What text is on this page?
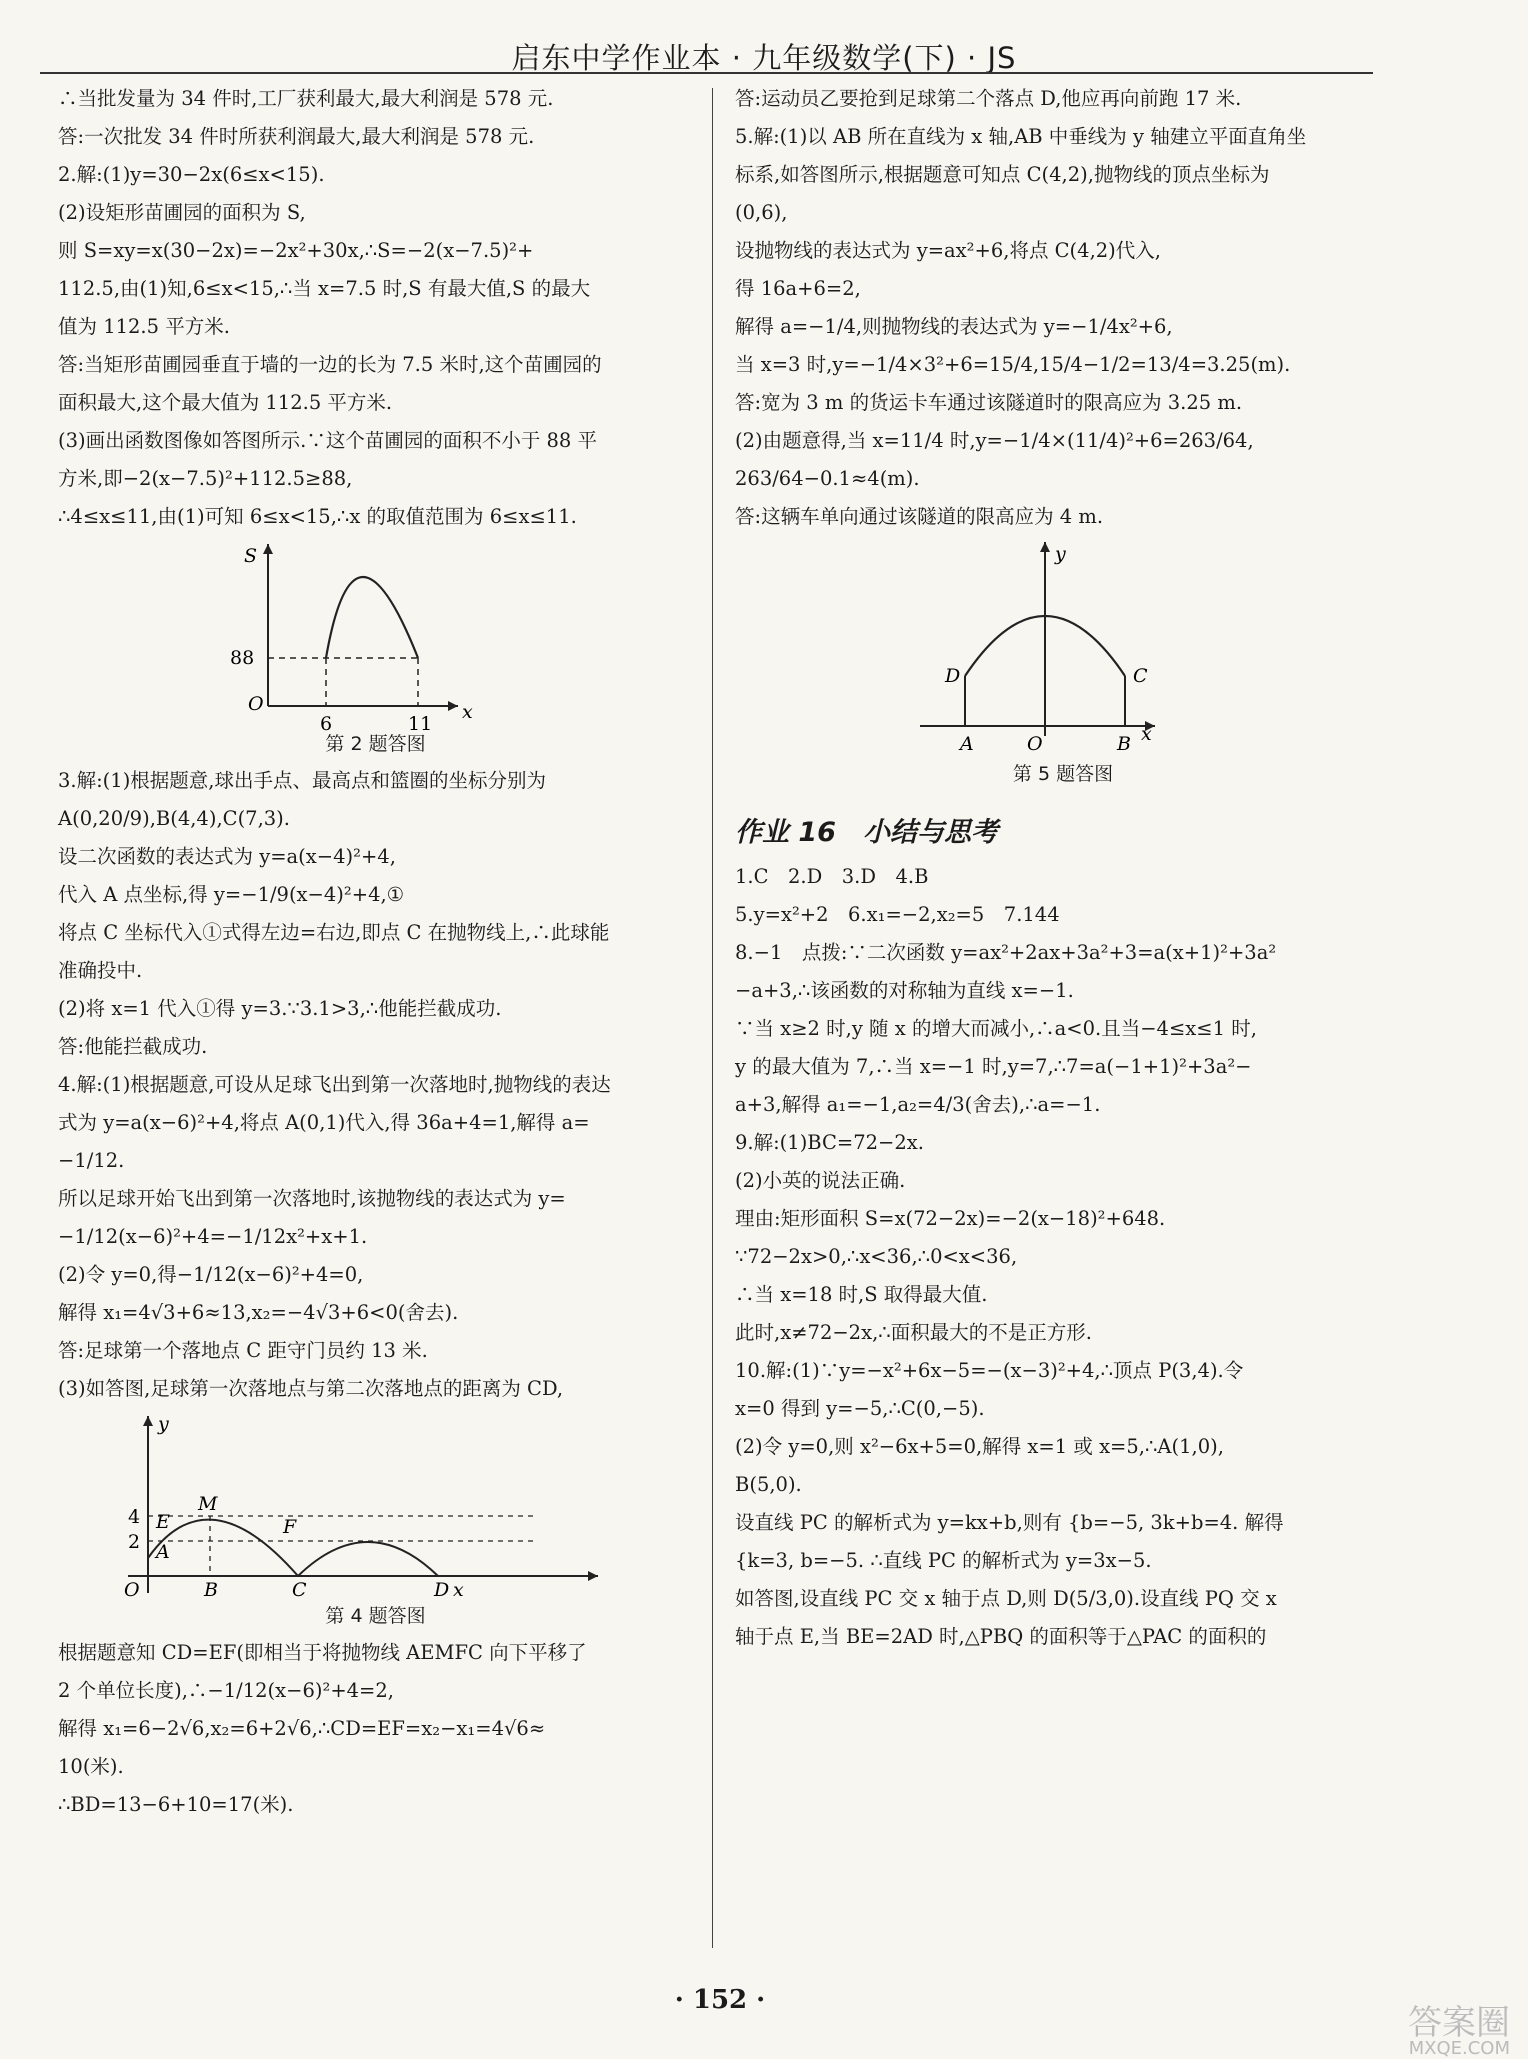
启东中学作业本 · 九年级数学(下) · JS
∴当批发量为 34 件时,工厂获利最大,最大利润是 578 元.
答:一次批发 34 件时所获利润最大,最大利润是 578 元.
2.解:(1)y=30−2x(6≤x<15).
(2)设矩形苗圃园的面积为 S,
则 S=xy=x(30−2x)=−2x²+30x,∴S=−2(x−7.5)²+
112.5,由(1)知,6≤x<15,∴当 x=7.5 时,S 有最大值,S 的最大
值为 112.5 平方米.
答:当矩形苗圃园垂直于墙的一边的长为 7.5 米时,这个苗圃园的
面积最大,这个最大值为 112.5 平方米.
(3)画出函数图像如答图所示.∵这个苗圃园的面积不小于 88 平
方米,即−2(x−7.5)²+112.5≥88,
∴4≤x≤11,由(1)可知 6≤x<15,∴x 的取值范围为 6≤x≤11.
S
88
O
6	11
x
第 2 题答图
3.解:(1)根据题意,球出手点、最高点和篮圈的坐标分别为
A(0,20/9),B(4,4),C(7,3).
设二次函数的表达式为 y=a(x−4)²+4,
代入 A 点坐标,得 y=−1/9(x−4)²+4,①
将点 C 坐标代入①式得左边=右边,即点 C 在抛物线上,∴此球能
准确投中.
(2)将 x=1 代入①得 y=3.∵3.1>3,∴他能拦截成功.
答:他能拦截成功.
4.解:(1)根据题意,可设从足球飞出到第一次落地时,抛物线的表达
式为 y=a(x−6)²+4,将点 A(0,1)代入,得 36a+4=1,解得 a=
−1/12.
所以足球开始飞出到第一次落地时,该抛物线的表达式为 y=
−1/12(x−6)²+4=−1/12x²+x+1.
(2)令 y=0,得−1/12(x−6)²+4=0,
解得 x₁=4√3+6≈13,x₂=−4√3+6<0(舍去).
答:足球第一个落地点 C 距守门员约 13 米.
(3)如答图,足球第一次落地点与第二次落地点的距离为 CD,
E
A
M
F
B	C	D
4
2
O
y
x
第 4 题答图
根据题意知 CD=EF(即相当于将抛物线 AEMFC 向下平移了
2 个单位长度),∴−1/12(x−6)²+4=2,
解得 x₁=6−2√6,x₂=6+2√6,∴CD=EF=x₂−x₁=4√6≈
10(米).
∴BD=13−6+10=17(米).
答:运动员乙要抢到足球第二个落点 D,他应再向前跑 17 米.
5.解:(1)以 AB 所在直线为 x 轴,AB 中垂线为 y 轴建立平面直角坐
标系,如答图所示,根据题意可知点 C(4,2),抛物线的顶点坐标为
(0,6),
设抛物线的表达式为 y=ax²+6,将点 C(4,2)代入,
得 16a+6=2,
解得 a=−1/4,则抛物线的表达式为 y=−1/4x²+6,
当 x=3 时,y=−1/4×3²+6=15/4,15/4−1/2=13/4=3.25(m).
答:宽为 3 m 的货运卡车通过该隧道时的限高应为 3.25 m.
(2)由题意得,当 x=11/4 时,y=−1/4×(11/4)²+6=263/64,
263/64−0.1≈4(m).
答:这辆车单向通过该隧道的限高应为 4 m.
D	C
A	B
O
y
x
第 5 题答图
作业 16　小结与思考
1.C　2.D　3.D　4.B
5.y=x²+2　6.x₁=−2,x₂=5　7.144
8.−1　点拨:∵二次函数 y=ax²+2ax+3a²+3=a(x+1)²+3a²
−a+3,∴该函数的对称轴为直线 x=−1.
∵当 x≥2 时,y 随 x 的增大而减小,∴a<0.且当−4≤x≤1 时,
y 的最大值为 7,∴当 x=−1 时,y=7,∴7=a(−1+1)²+3a²−
a+3,解得 a₁=−1,a₂=4/3(舍去),∴a=−1.
9.解:(1)BC=72−2x.
(2)小英的说法正确.
理由:矩形面积 S=x(72−2x)=−2(x−18)²+648.
∵72−2x>0,∴x<36,∴0<x<36,
∴当 x=18 时,S 取得最大值.
此时,x≠72−2x,∴面积最大的不是正方形.
10.解:(1)∵y=−x²+6x−5=−(x−3)²+4,∴顶点 P(3,4).令
x=0 得到 y=−5,∴C(0,−5).
(2)令 y=0,则 x²−6x+5=0,解得 x=1 或 x=5,∴A(1,0),
B(5,0).
设直线 PC 的解析式为 y=kx+b,则有 {b=−5, 3k+b=4. 解得
{k=3, b=−5. ∴直线 PC 的解析式为 y=3x−5.
如答图,设直线 PC 交 x 轴于点 D,则 D(5/3,0).设直线 PQ 交 x
轴于点 E,当 BE=2AD 时,△PBQ 的面积等于△PAC 的面积的
· 152 ·
答案圈
MXQE.COM
